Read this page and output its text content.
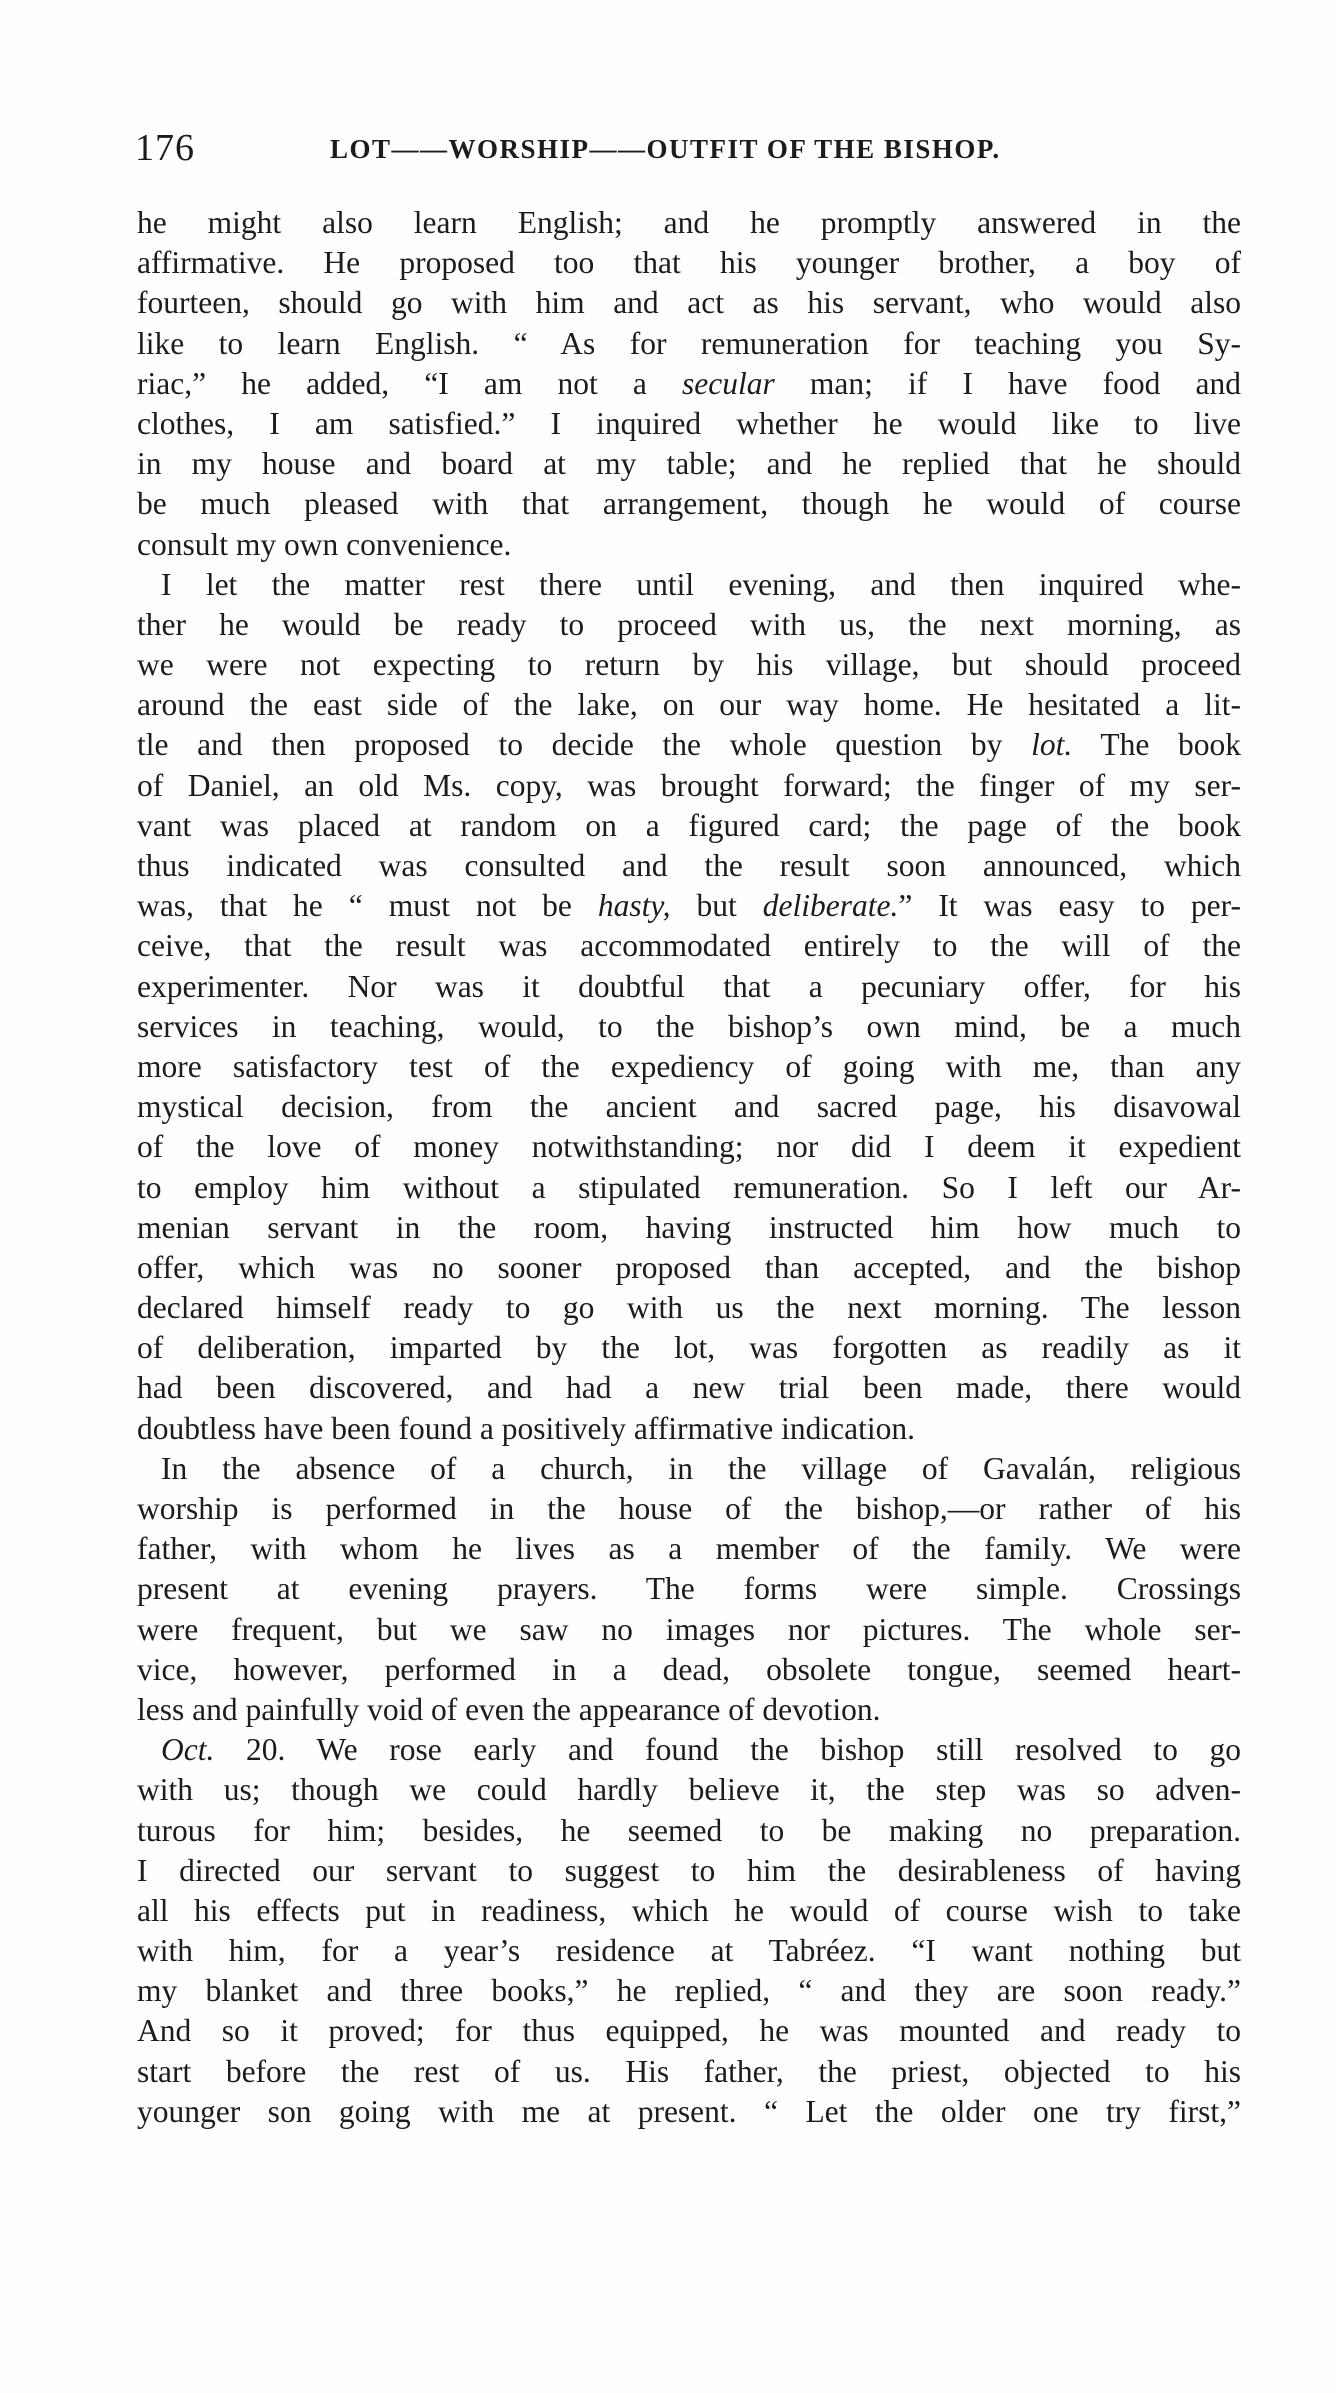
176	LOT——WORSHIP——OUTFIT OF THE BISHOP.
he might also learn English; and he promptly answered in the
affirmative. He proposed too that his younger brother, a boy of
fourteen, should go with him and act as his servant, who would also
like to learn English. “ As for remuneration for teaching you Sy-
riac,” he added, “I am not a secular man; if I have food and
clothes, I am satisfied.” I inquired whether he would like to live
in my house and board at my table; and he replied that he should
be much pleased with that arrangement, though he would of course
consult my own convenience.
I let the matter rest there until evening, and then inquired whe-
ther he would be ready to proceed with us, the next morning, as
we were not expecting to return by his village, but should proceed
around the east side of the lake, on our way home. He hesitated a lit-
tle and then proposed to decide the whole question by lot. The book
of Daniel, an old Ms. copy, was brought forward; the finger of my ser-
vant was placed at random on a figured card; the page of the book
thus indicated was consulted and the result soon announced, which
was, that he “ must not be hasty, but deliberate.” It was easy to per-
ceive, that the result was accommodated entirely to the will of the
experimenter. Nor was it doubtful that a pecuniary offer, for his
services in teaching, would, to the bishop’s own mind, be a much
more satisfactory test of the expediency of going with me, than any
mystical decision, from the ancient and sacred page, his disavowal
of the love of money notwithstanding; nor did I deem it expedient
to employ him without a stipulated remuneration. So I left our Ar-
menian servant in the room, having instructed him how much to
offer, which was no sooner proposed than accepted, and the bishop
declared himself ready to go with us the next morning. The lesson
of deliberation, imparted by the lot, was forgotten as readily as it
had been discovered, and had a new trial been made, there would
doubtless have been found a positively affirmative indication.
In the absence of a church, in the village of Gavalán, religious
worship is performed in the house of the bishop,—or rather of his
father, with whom he lives as a member of the family. We were
present at evening prayers. The forms were simple. Crossings
were frequent, but we saw no images nor pictures. The whole ser-
vice, however, performed in a dead, obsolete tongue, seemed heart-
less and painfully void of even the appearance of devotion.
Oct. 20. We rose early and found the bishop still resolved to go
with us; though we could hardly believe it, the step was so adven-
turous for him; besides, he seemed to be making no preparation.
I directed our servant to suggest to him the desirableness of having
all his effects put in readiness, which he would of course wish to take
with him, for a year’s residence at Tabréez. “I want nothing but
my blanket and three books,” he replied, “ and they are soon ready.”
And so it proved; for thus equipped, he was mounted and ready to
start before the rest of us. His father, the priest, objected to his
younger son going with me at present. “ Let the older one try first,”
